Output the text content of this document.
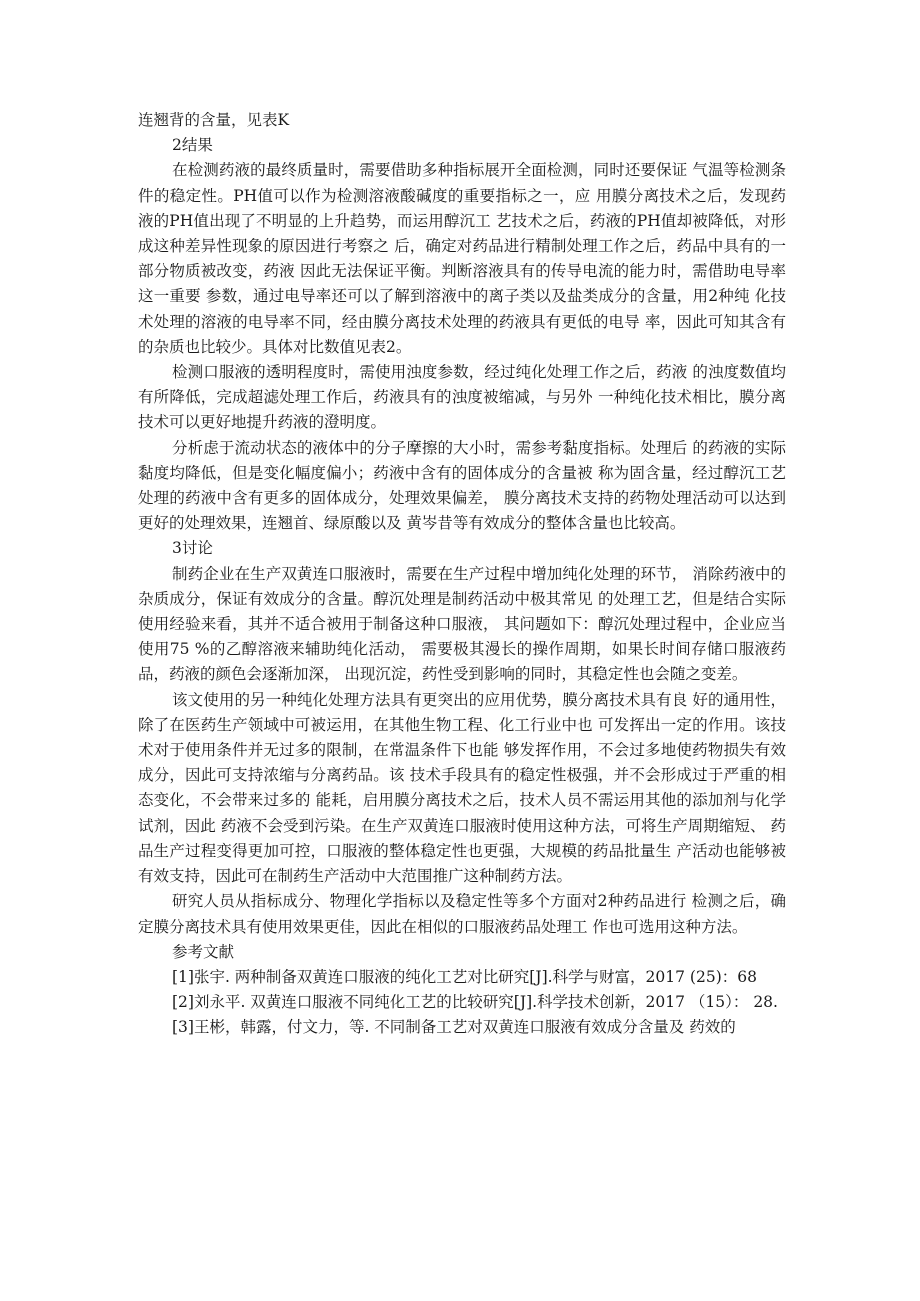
连翘背的含量，见表K

2结果

在检测药液的最终质量时，需要借助多种指标展开全面检测，同时还要保证 气温等检测条件的稳定性。PH值可以作为检测溶液酸碱度的重要指标之一，应 用膜分离技术之后，发现药液的PH值出现了不明显的上升趋势，而运用醇沉工 艺技术之后，药液的PH值却被降低，对形成这种差异性现象的原因进行考察之 后，确定对药品进行精制处理工作之后，药品中具有的一部分物质被改变，药液 因此无法保证平衡。判断溶液具有的传导电流的能力时，需借助电导率这一重要 参数，通过电导率还可以了解到溶液中的离子类以及盐类成分的含量，用2种纯 化技术处理的溶液的电导率不同，经由膜分离技术处理的药液具有更低的电导 率，因此可知其含有的杂质也比较少。具体对比数值见表2。

检测口服液的透明程度时，需使用浊度参数，经过纯化处理工作之后，药液 的浊度数值均有所降低，完成超滤处理工作后，药液具有的浊度被缩减，与另外 一种纯化技术相比，膜分离技术可以更好地提升药液的澄明度。

分析虑于流动状态的液体中的分子摩擦的大小时，需参考黏度指标。处理后 的药液的实际黏度均降低，但是变化幅度偏小；药液中含有的固体成分的含量被 称为固含量，经过醇沉工艺处理的药液中含有更多的固体成分，处理效果偏差， 膜分离技术支持的药物处理活动可以达到更好的处理效果，连翘首、绿原酸以及 黄岑昔等有效成分的整体含量也比较高。

3讨论

制药企业在生产双黄连口服液时，需要在生产过程中增加纯化处理的环节， 消除药液中的杂质成分，保证有效成分的含量。醇沉处理是制药活动中极其常见 的处理工艺，但是结合实际使用经验来看，其并不适合被用于制备这种口服液， 其问题如下：醇沉处理过程中，企业应当使用75 %的乙醇溶液来辅助纯化活动， 需要极其漫长的操作周期，如果长时间存储口服液药品，药液的颜色会逐渐加深， 出现沉淀，药性受到影响的同时，其稳定性也会随之变差。

该文使用的另一种纯化处理方法具有更突出的应用优势，膜分离技术具有良 好的通用性，除了在医药生产领域中可被运用，在其他生物工程、化工行业中也 可发挥出一定的作用。该技术对于使用条件并无过多的限制，在常温条件下也能 够发挥作用，不会过多地使药物损失有效成分，因此可支持浓缩与分离药品。该 技术手段具有的稳定性极强，并不会形成过于严重的相态变化，不会带来过多的 能耗，启用膜分离技术之后，技术人员不需运用其他的添加剂与化学试剂，因此 药液不会受到污染。在生产双黄连口服液时使用这种方法，可将生产周期缩短、 药品生产过程变得更加可控，口服液的整体稳定性也更强，大规模的药品批量生 产活动也能够被有效支持，因此可在制药生产活动中大范围推广这种制药方法。

研究人员从指标成分、物理化学指标以及稳定性等多个方面对2种药品进行 检测之后，确定膜分离技术具有使用效果更佳，因此在相似的口服液药品处理工 作也可选用这种方法。

参考文献

[1]张宇. 两种制备双黄连口服液的纯化工艺对比研究[J].科学与财富，2017 (25)：68

[2]刘永平. 双黄连口服液不同纯化工艺的比较研究[J].科学技术创新，2017 （15）： 28.

[3]王彬，韩露，付文力，等. 不同制备工艺对双黄连口服液有效成分含量及 药效的
